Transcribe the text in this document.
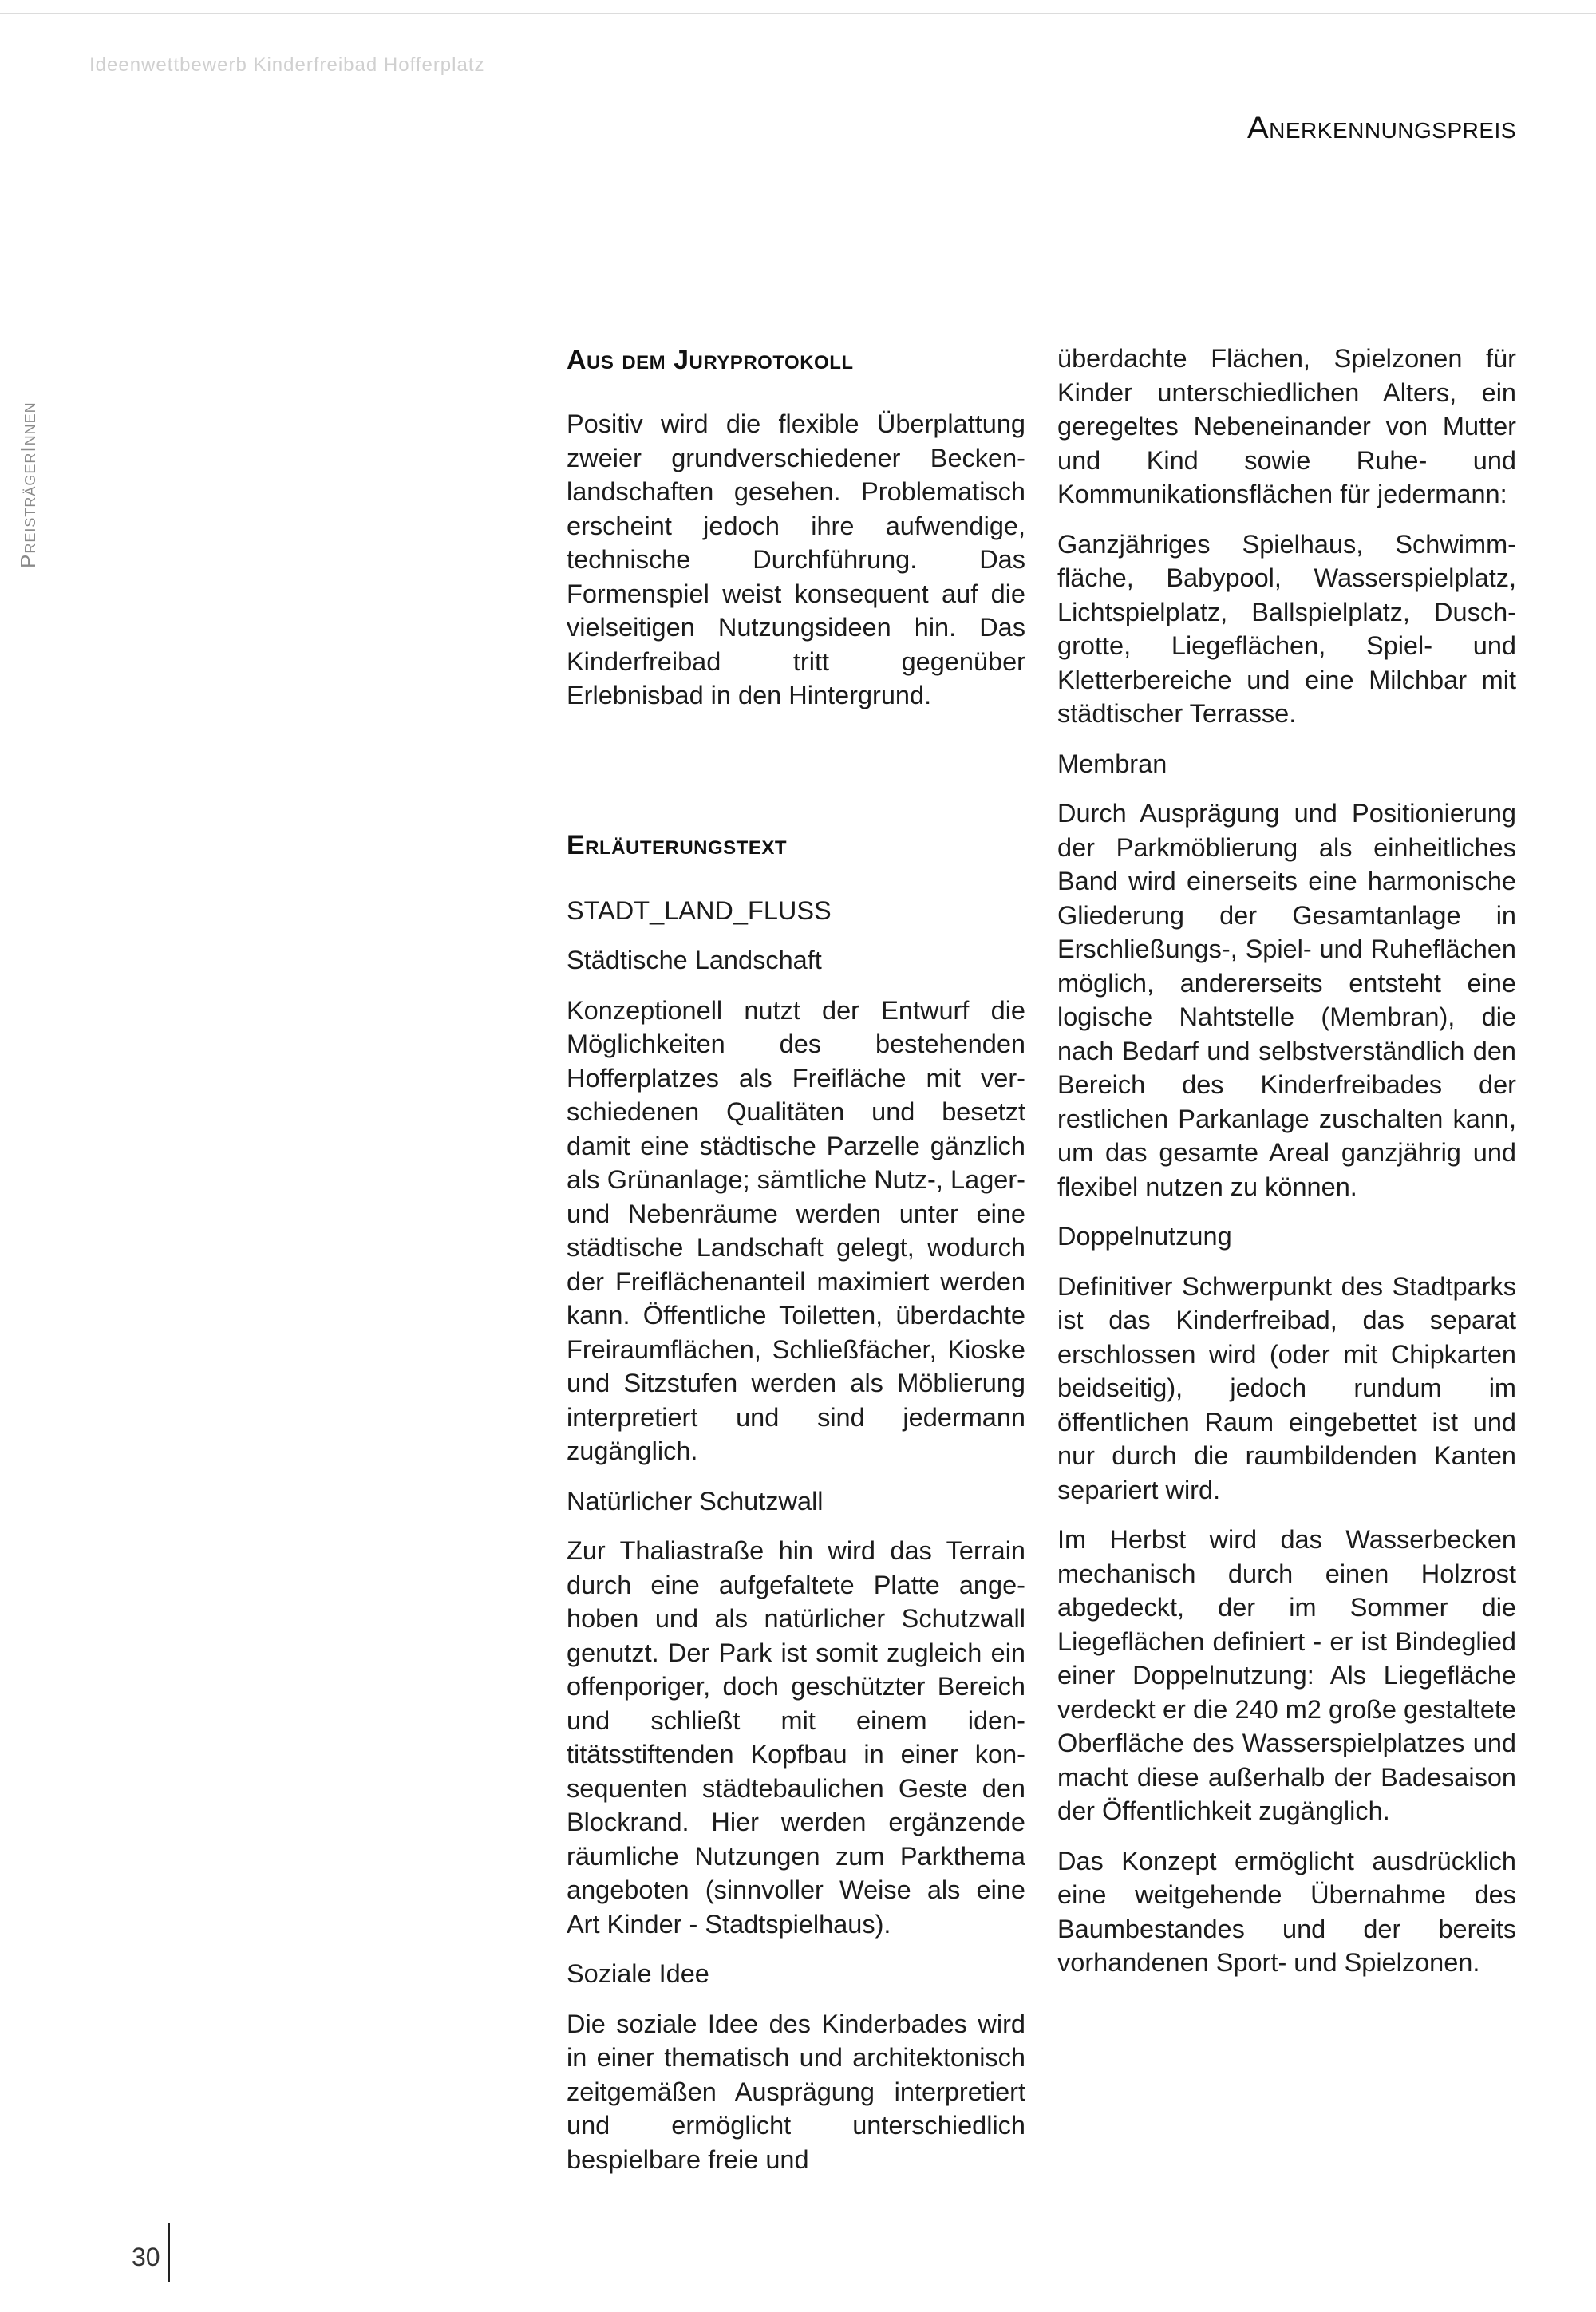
Ideenwettbewerb Kinderfreibad Hofferplatz
Anerkennungspreis
PreisträgerInnen
Aus dem Juryprotokoll

Positiv wird die flexible Überplattung zweier grundverschiedener Beckenlandschaften gesehen. Problematisch erscheint jedoch ihre aufwendige, technische Durchführung. Das Formenspiel weist konsequent auf die vielseitigen Nutzungsideen hin. Das Kinderfreibad tritt gegenüber Erlebnisbad in den Hintergrund.

Erläuterungstext

STADT_LAND_FLUSS

Städtische Landschaft

Konzeptionell nutzt der Entwurf die Möglichkeiten des bestehenden Hofferplatzes als Freifläche mit verschiedenen Qualitäten und besetzt damit eine städtische Parzelle gänzlich als Grünanlage; sämtliche Nutz-, Lager- und Nebenräume werden unter eine städtische Landschaft gelegt, wodurch der Freiflächenanteil maximiert werden kann. Öffentliche Toiletten, überdachte Freiraumflächen, Schließfächer, Kioske und Sitzstufen werden als Möblierung interpretiert und sind jedermann zugänglich.

Natürlicher Schutzwall

Zur Thaliastraße hin wird das Terrain durch eine aufgefaltete Platte angehoben und als natürlicher Schutzwall genutzt. Der Park ist somit zugleich ein offenporiger, doch geschützter Bereich und schließt mit einem identitätsstiftenden Kopfbau in einer konsequenten städtebaulichen Geste den Blockrand. Hier werden ergänzende räumliche Nutzungen zum Parkthema angeboten (sinnvoller Weise als eine Art Kinder - Stadtspielhaus).

Soziale Idee

Die soziale Idee des Kinderbades wird in einer thematisch und architektonisch zeitgemäßen Ausprägung interpretiert und ermöglicht unterschiedlich bespielbare freie und

überdachte Flächen, Spielzonen für Kinder unterschiedlichen Alters, ein geregeltes Nebeneinander von Mutter und Kind sowie Ruhe- und Kommunikationsflächen für jedermann:

Ganzjähriges Spielhaus, Schwimmfläche, Babypool, Wasserspielplatz, Lichtspielplatz, Ballspielplatz, Duschgrotte, Liegeflächen, Spiel- und Kletterbereiche und eine Milchbar mit städtischer Terrasse.

Membran

Durch Ausprägung und Positionierung der Parkmöblierung als einheitliches Band wird einerseits eine harmonische Gliederung der Gesamtanlage in Erschließungs-, Spiel- und Ruheflächen möglich, andererseits entsteht eine logische Nahtstelle (Membran), die nach Bedarf und selbstverständlich den Bereich des Kinderfreibades der restlichen Parkanlage zuschalten kann, um das gesamte Areal ganzjährig und flexibel nutzen zu können.

Doppelnutzung

Definitiver Schwerpunkt des Stadtparks ist das Kinderfreibad, das separat erschlossen wird (oder mit Chipkarten beidseitig), jedoch rundum im öffentlichen Raum eingebettet ist und nur durch die raumbildenden Kanten separiert wird.

Im Herbst wird das Wasserbecken mechanisch durch einen Holzrost abgedeckt, der im Sommer die Liegeflächen definiert - er ist Bindeglied einer Doppelnutzung: Als Liegefläche verdeckt er die 240 m2 große gestaltete Oberfläche des Wasserspielplatzes und macht diese außerhalb der Badesaison der Öffentlichkeit zugänglich.

Das Konzept ermöglicht ausdrücklich eine weitgehende Übernahme des Baumbestandes und der bereits vorhandenen Sport- und Spielzonen.

30
